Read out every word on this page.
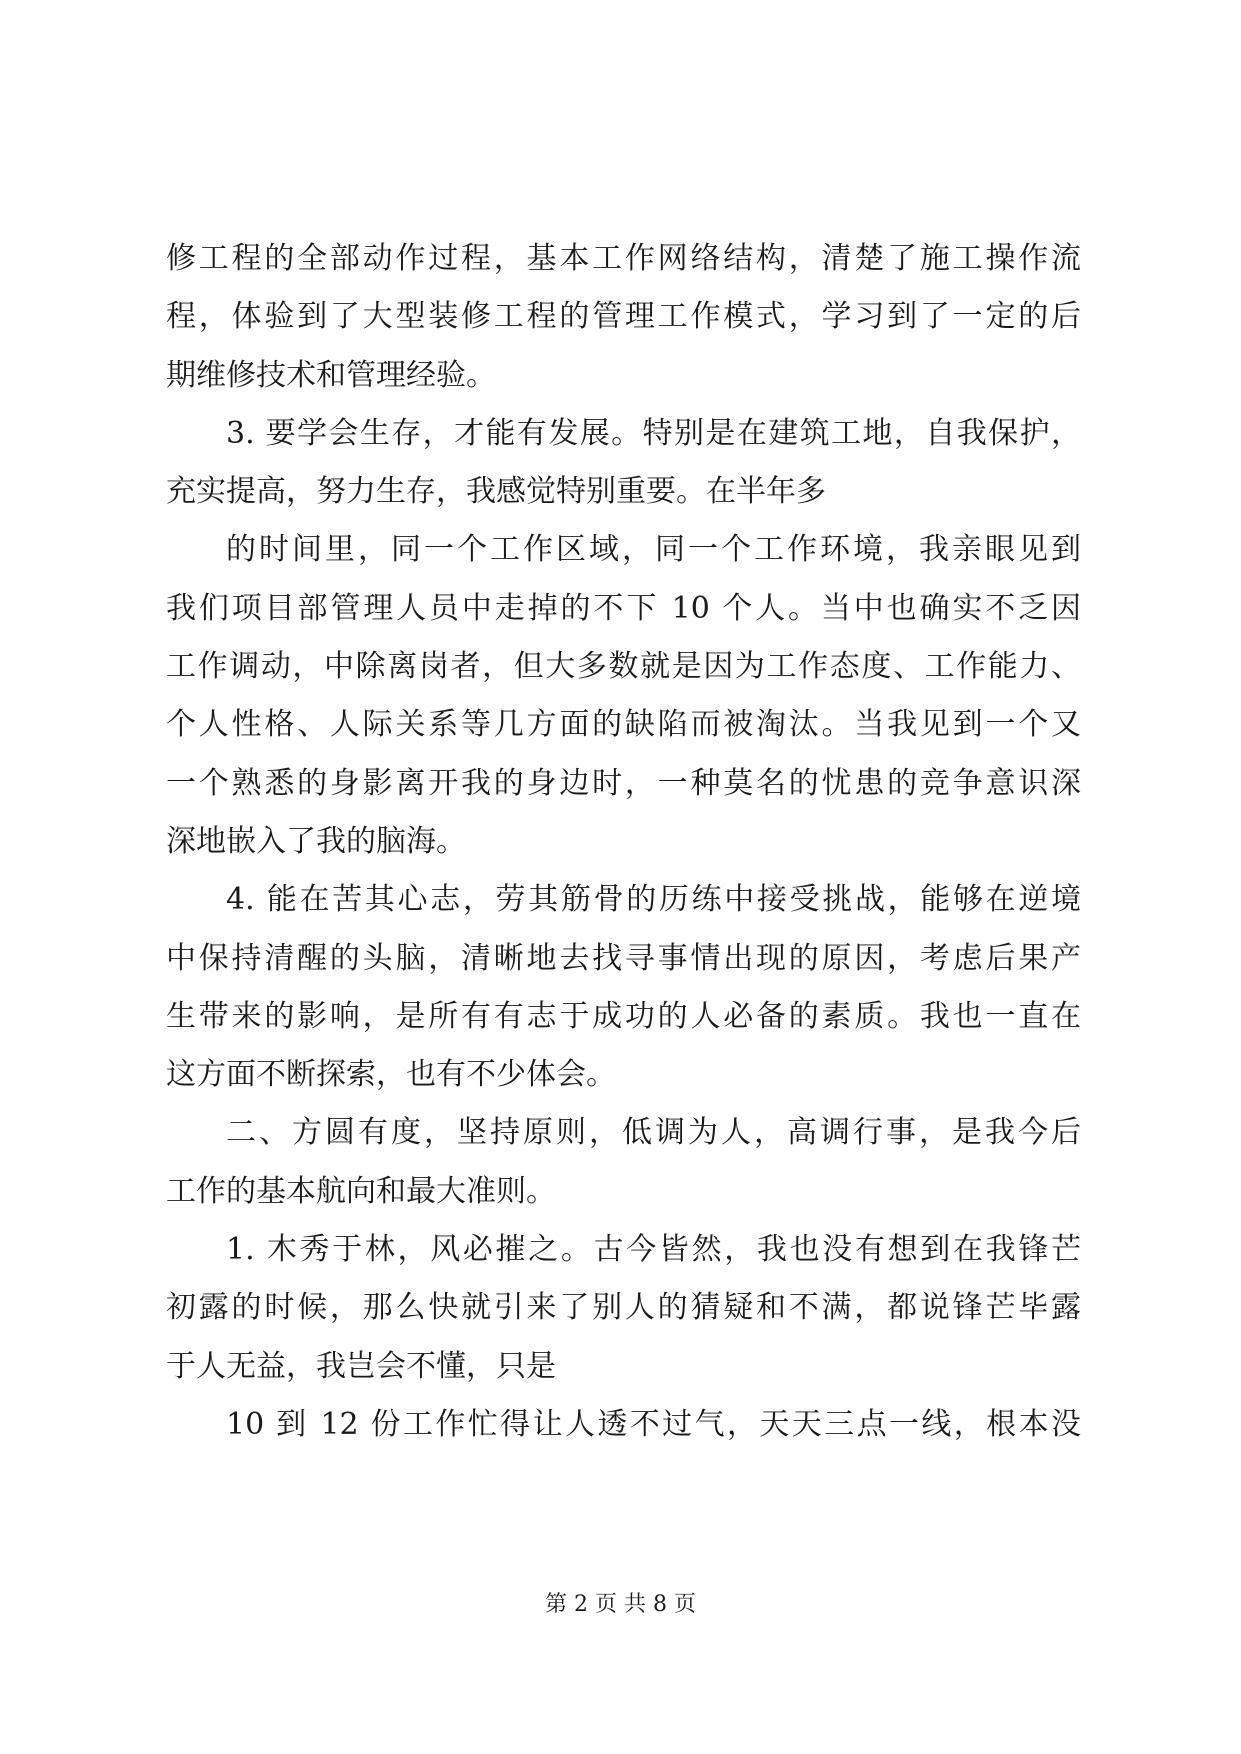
修工程的全部动作过程，基本工作网络结构，清楚了施工操作流
程，体验到了大型装修工程的管理工作模式，学习到了一定的后
期维修技术和管理经验。
3. 要学会生存，才能有发展。特别是在建筑工地，自我保护，
充实提高，努力生存，我感觉特别重要。在半年多
的时间里，同一个工作区域，同一个工作环境，我亲眼见到
我们项目部管理人员中走掉的不下 10 个人。当中也确实不乏因
工作调动，中除离岗者，但大多数就是因为工作态度、工作能力、
个人性格、人际关系等几方面的缺陷而被淘汰。当我见到一个又
一个熟悉的身影离开我的身边时，一种莫名的忧患的竞争意识深
深地嵌入了我的脑海。
4. 能在苦其心志，劳其筋骨的历练中接受挑战，能够在逆境
中保持清醒的头脑，清晰地去找寻事情出现的原因，考虑后果产
生带来的影响，是所有有志于成功的人必备的素质。我也一直在
这方面不断探索，也有不少体会。
二、方圆有度，坚持原则，低调为人，高调行事，是我今后
工作的基本航向和最大准则。
1. 木秀于林，风必摧之。古今皆然，我也没有想到在我锋芒
初露的时候，那么快就引来了别人的猜疑和不满，都说锋芒毕露
于人无益，我岂会不懂，只是
10 到 12 份工作忙得让人透不过气，天天三点一线，根本没
第 2 页 共 8 页
